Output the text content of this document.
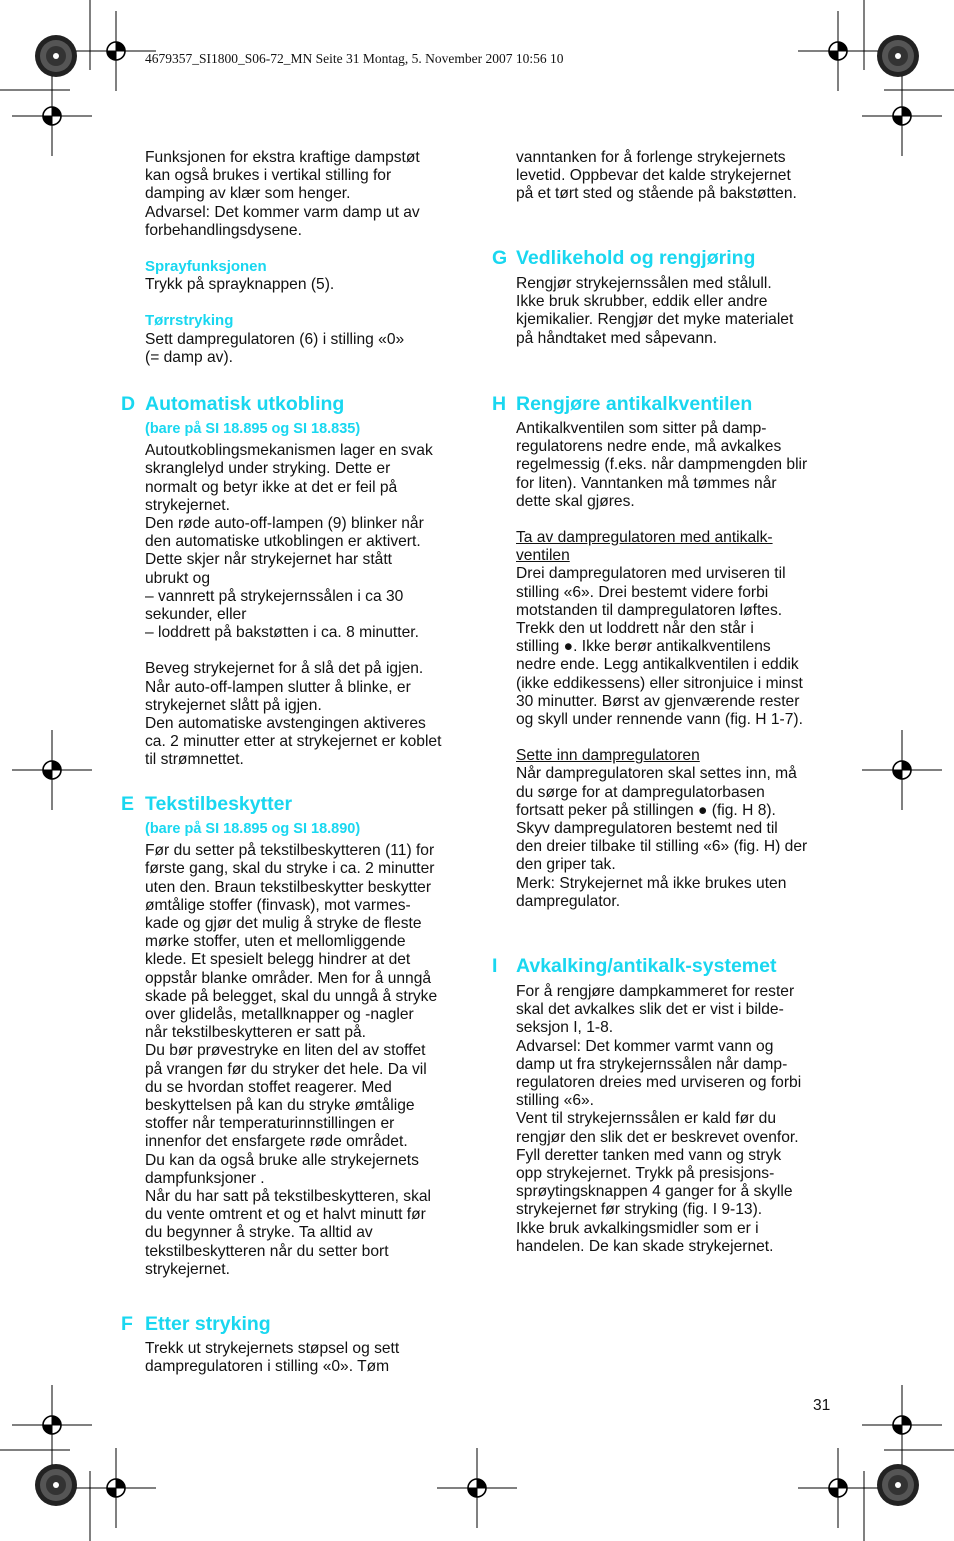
4679357_SI1800_S06-72_MN Seite 31 Montag, 5. November 2007 10:56 10

Funksjonen for ekstra kraftige dampstøt
kan også brukes i vertikal stilling for
damping av klær som henger.
Advarsel: Det kommer varm damp ut av
forbehandlingsdysene.

Sprayfunksjonen

Trykk på sprayknappen (5).

Tørrstryking

Sett dampregulatoren (6) i stilling «0»
(= damp av).

D Automatisk utkobling

(bare på SI 18.895 og SI 18.835)

Autoutkoblingsmekanismen lager en svak
skranglelyd under stryking. Dette er
normalt og betyr ikke at det er feil på
strykejernet.
Den røde auto-off-lampen (9) blinker når
den automatiske utkoblingen er aktivert.
Dette skjer når strykejernet har stått
ubrukt og
– vannrett på strykejernssålen i ca 30
sekunder, eller
– loddrett på bakstøtten i ca. 8 minutter.

Beveg strykejernet for å slå det på igjen.
Når auto-off-lampen slutter å blinke, er
strykejernet slått på igjen.
Den automatiske avstengingen aktiveres
ca. 2 minutter etter at strykejernet er koblet
til strømnettet.

E Tekstilbeskytter

(bare på SI 18.895 og SI 18.890)

Før du setter på tekstilbeskytteren (11) for
første gang, skal du stryke i ca. 2 minutter
uten den. Braun tekstilbeskytter beskytter
ømtålige stoffer (finvask), mot varmes-
kade og gjør det mulig å stryke de fleste
mørke stoffer, uten et mellomliggende
klede. Et spesielt belegg hindrer at det
oppstår blanke områder. Men for å unngå
skade på belegget, skal du unngå å stryke
over glidelås, metallknapper og -nagler
når tekstilbeskytteren er satt på.
Du bør prøvestryke en liten del av stoffet
på vrangen før du stryker det hele. Da vil
du se hvordan stoffet reagerer. Med
beskyttelsen på kan du stryke ømtålige
stoffer når temperaturinnstillingen er
innenfor det ensfargete røde området.
Du kan da også bruke alle strykejernets
dampfunksjoner .
Når du har satt på tekstilbeskytteren, skal
du vente omtrent et og et halvt minutt før
du begynner å stryke. Ta alltid av
tekstilbeskytteren når du setter bort
strykejernet.

F Etter stryking

Trekk ut strykejernets støpsel og sett
dampregulatoren i stilling «0». Tøm

vanntanken for å forlenge strykejernets
levetid. Oppbevar det kalde strykejernet
på et tørt sted og stående på bakstøtten.

G Vedlikehold og rengjøring

Rengjør strykejernssålen med stålull.
Ikke bruk skrubber, eddik eller andre
kjemikalier. Rengjør det myke materialet
på håndtaket med såpevann.

H Rengjøre antikalkventilen

Antikalkventilen som sitter på damp-
regulatorens nedre ende, må avkalkes
regelmessig (f.eks. når dampmengden blir
for liten). Vanntanken må tømmes når
dette skal gjøres.

Ta av dampregulatoren med antikalk-
ventilen

Drei dampregulatoren med urviseren til
stilling «6». Drei bestemt videre forbi
motstanden til dampregulatoren løftes.
Trekk den ut loddrett når den står i
stilling ●. Ikke berør antikalkventilens
nedre ende. Legg antikalkventilen i eddik
(ikke eddikessens) eller sitronjuice i minst
30 minutter. Børst av gjenværende rester
og skyll under rennende vann (fig. H 1-7).

Sette inn dampregulatoren

Når dampregulatoren skal settes inn, må
du sørge for at dampregulatorbasen
fortsatt peker på stillingen ● (fig. H 8).
Skyv dampregulatoren bestemt ned til
den dreier tilbake til stilling «6» (fig. H) der
den griper tak.
Merk: Strykejernet må ikke brukes uten
dampregulator.

I Avkalking/antikalk-systemet

For å rengjøre dampkammeret for rester
skal det avkalkes slik det er vist i bilde-
seksjon I, 1-8.
Advarsel: Det kommer varmt vann og
damp ut fra strykejernssålen når damp-
regulatoren dreies med urviseren og forbi
stilling «6».
Vent til strykejernssålen er kald før du
rengjør den slik det er beskrevet ovenfor.
Fyll deretter tanken med vann og stryk
opp strykejernet. Trykk på presisjons-
sprøytingsknappen 4 ganger for å skylle
strykejernet før stryking (fig. I 9-13).
Ikke bruk avkalkingsmidler som er i
handelen. De kan skade strykejernet.

31
